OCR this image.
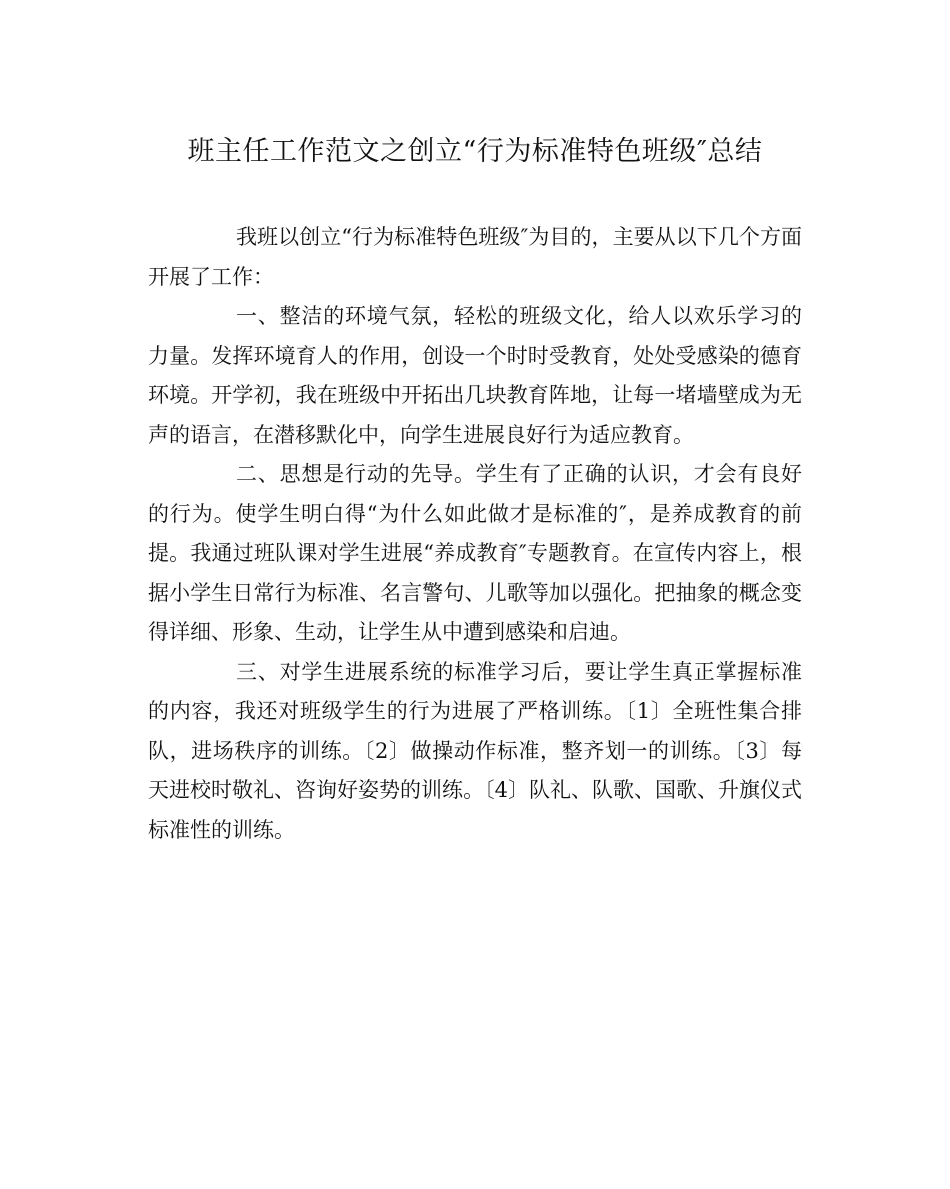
班主任工作范文之创立“行为标准特色班级″总结

我班以创立“行为标准特色班级″为目的，主要从以下几个方面开展了工作：

一、整洁的环境气氛，轻松的班级文化，给人以欢乐学习的力量。发挥环境育人的作用，创设一个时时受教育，处处受感染的德育环境。开学初，我在班级中开拓出几块教育阵地，让每一堵墙壁成为无声的语言，在潜移默化中，向学生进展良好行为适应教育。

二、思想是行动的先导。学生有了正确的认识，才会有良好的行为。使学生明白得“为什么如此做才是标准的″，是养成教育的前提。我通过班队课对学生进展“养成教育″专题教育。在宣传内容上，根据小学生日常行为标准、名言警句、儿歌等加以强化。把抽象的概念变得详细、形象、生动，让学生从中遭到感染和启迪。

三、对学生进展系统的标准学习后，要让学生真正掌握标准的内容，我还对班级学生的行为进展了严格训练。〔1〕全班性集合排队，进场秩序的训练。〔2〕做操动作标准，整齐划一的训练。〔3〕每天进校时敬礼、咨询好姿势的训练。〔4〕队礼、队歌、国歌、升旗仪式标准性的训练。
